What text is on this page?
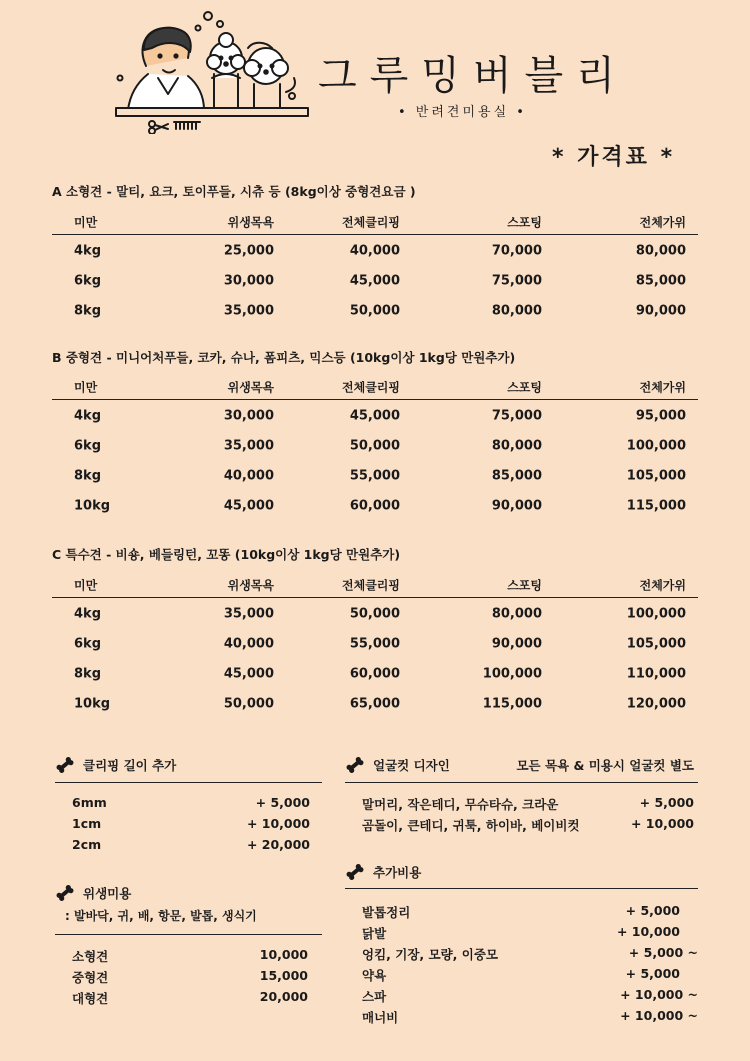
그루밍버블리
• 반려견미용실 •
* 가격표 *
A 소형견 - 말티, 요크, 토이푸들, 시츄 등 (8kg이상 중형견요금 )
미만	위생목욕	전체클리핑	스포팅	전체가위
4kg	25,000	40,000	70,000	80,000
6kg	30,000	45,000	75,000	85,000
8kg	35,000	50,000	80,000	90,000
B 중형견 - 미니어처푸들, 코카, 슈나, 폼피츠, 믹스등 (10kg이상 1kg당 만원추가)
미만	위생목욕	전체클리핑	스포팅	전체가위
4kg	30,000	45,000	75,000	95,000
6kg	35,000	50,000	80,000	100,000
8kg	40,000	55,000	85,000	105,000
10kg	45,000	60,000	90,000	115,000
C 특수견 - 비숑, 베들링턴, 꼬똥 (10kg이상 1kg당 만원추가)
미만	위생목욕	전체클리핑	스포팅	전체가위
4kg	35,000	50,000	80,000	100,000
6kg	40,000	55,000	90,000	105,000
8kg	45,000	60,000	100,000	110,000
10kg	50,000	65,000	115,000	120,000
클리핑 길이 추가
6mm	+ 5,000
1cm	+ 10,000
2cm	+ 20,000
위생미용
: 발바닥, 귀, 배, 항문, 발톱, 생식기
소형견	10,000
중형견	15,000
대형견	20,000
얼굴컷 디자인	모든 목욕 & 미용시 얼굴컷 별도
말머리, 작은테디, 무슈타슈, 크라운	+ 5,000
곰돌이, 큰테디, 귀툭, 하이바, 베이비컷	+ 10,000
추가비용
발톱정리	+ 5,000
닭발	+ 10,000
엉킴, 기장, 모량, 이중모	+ 5,000 ~
약욕	+ 5,000
스파	+ 10,000 ~
매너비	+ 10,000 ~
